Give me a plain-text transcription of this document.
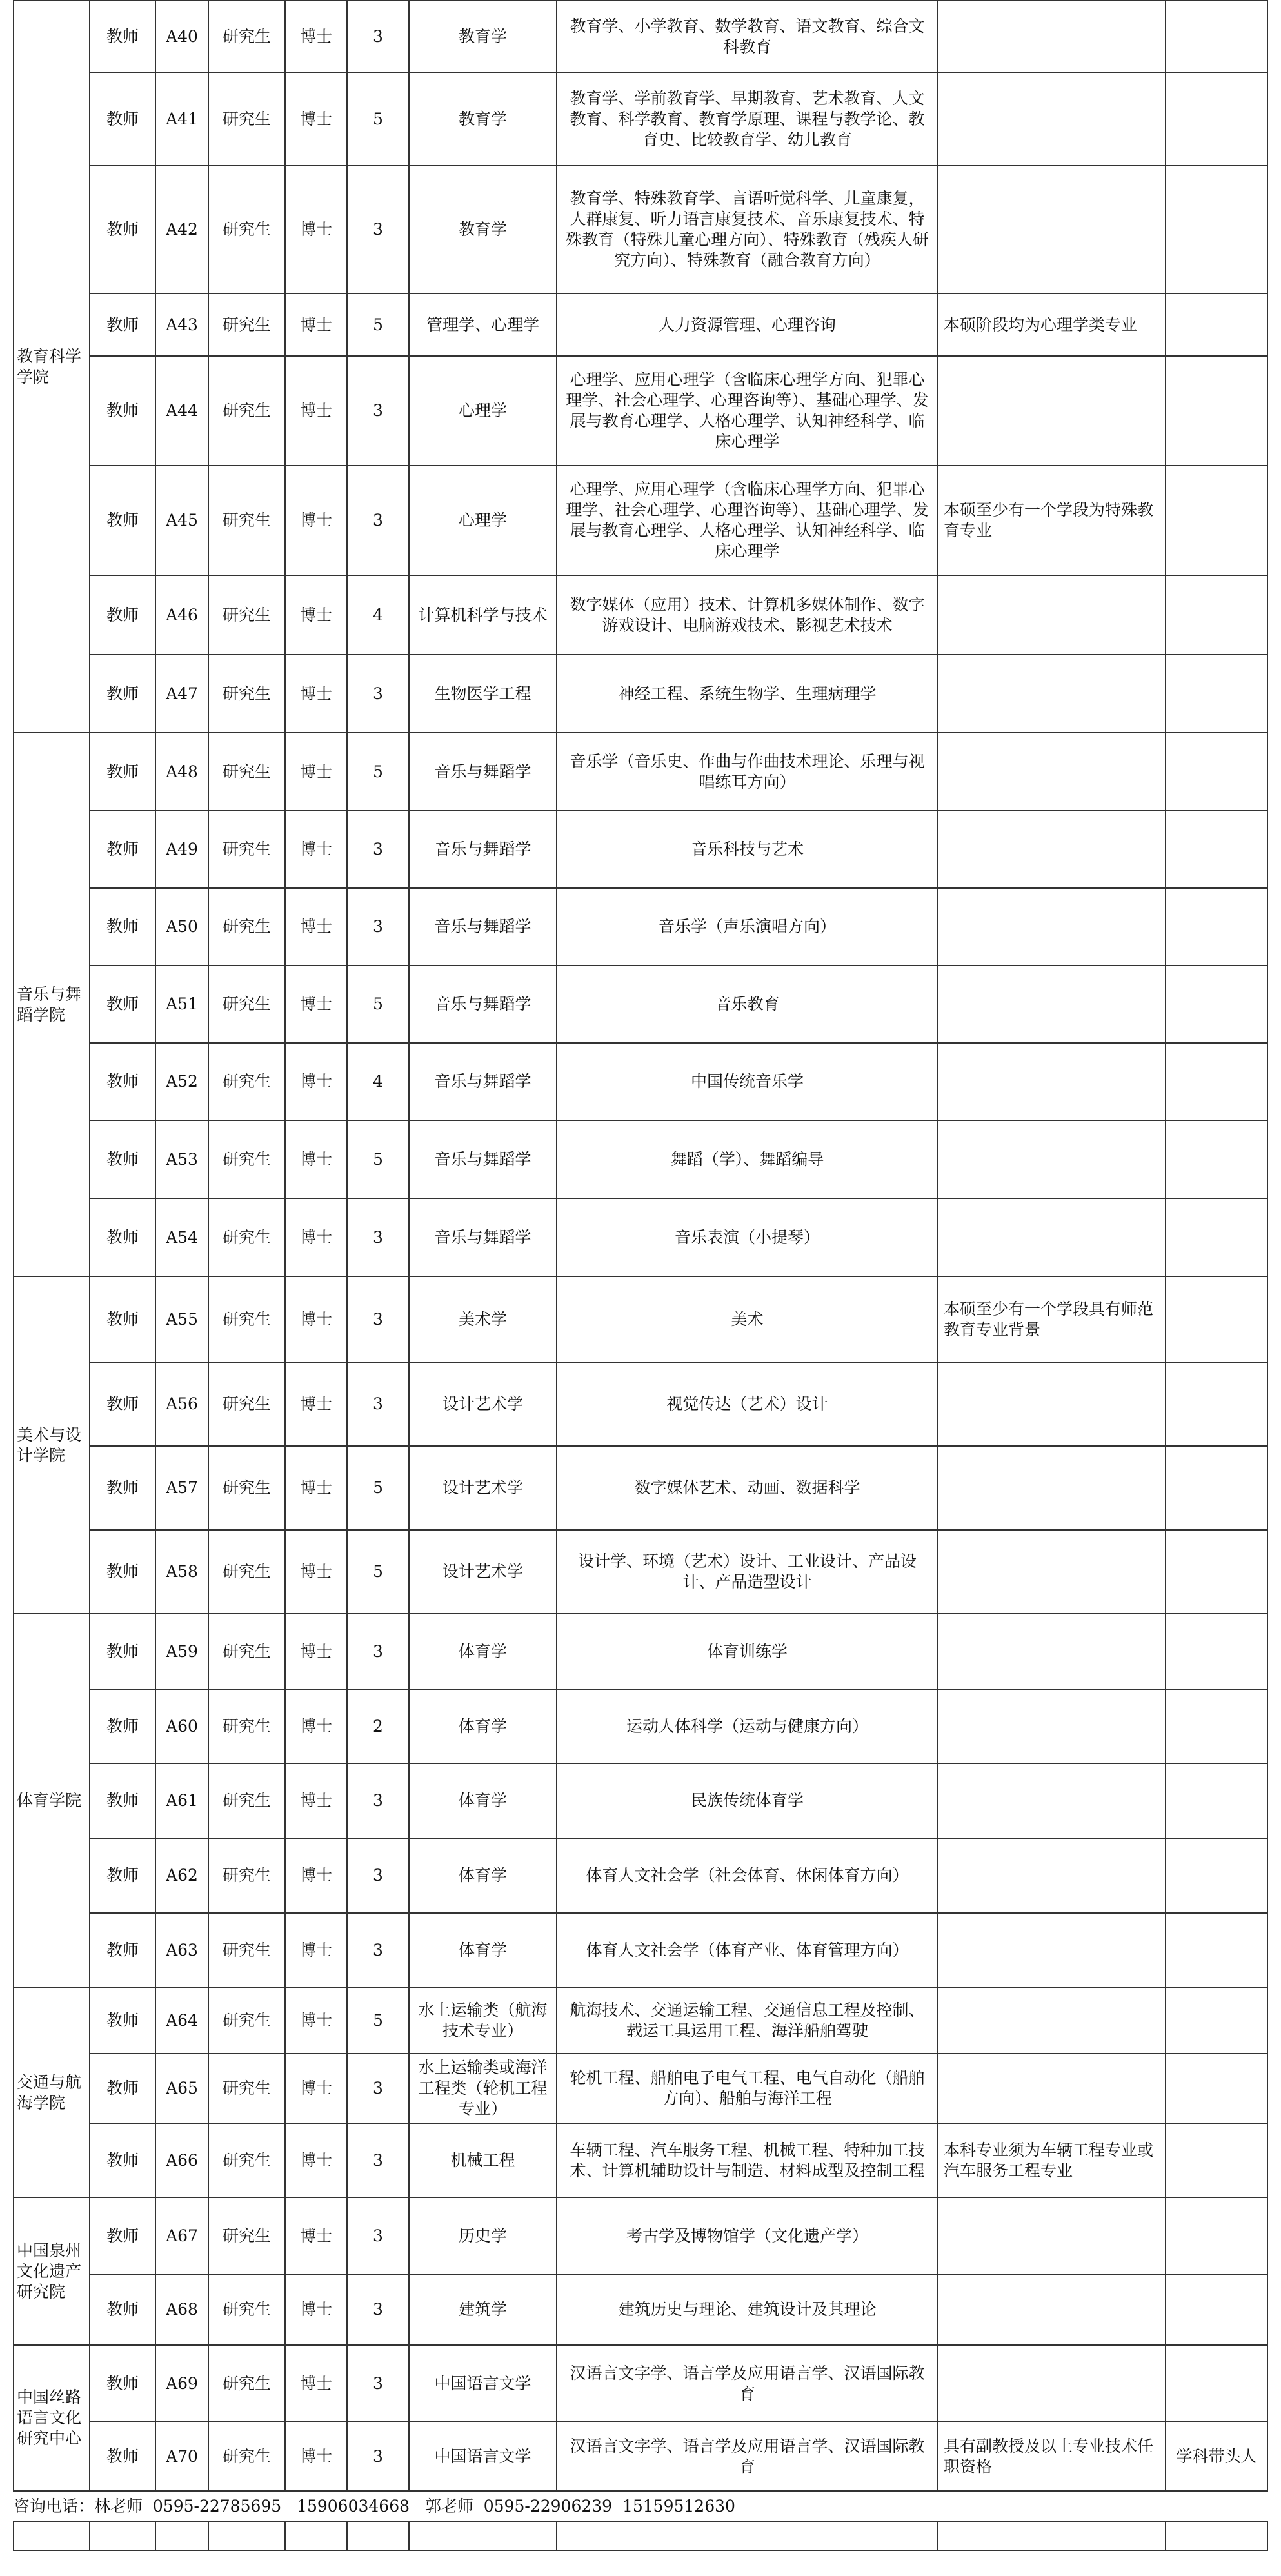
教育科学学院	教师	A40	研究生	博士	3	教育学	教育学、小学教育、数学教育、语文教育、综合文科教育		
	教师	A41	研究生	博士	5	教育学	教育学、学前教育学、早期教育、艺术教育、人文教育、科学教育、教育学原理、课程与教学论、教育史、比较教育学、幼儿教育		
	教师	A42	研究生	博士	3	教育学	教育学、特殊教育学、言语听觉科学、儿童康复，人群康复、听力语言康复技术、音乐康复技术、特殊教育（特殊儿童心理方向）、特殊教育（残疾人研究方向）、特殊教育（融合教育方向）		
	教师	A43	研究生	博士	5	管理学、心理学	人力资源管理、心理咨询	本硕阶段均为心理学类专业	
	教师	A44	研究生	博士	3	心理学	心理学、应用心理学（含临床心理学方向、犯罪心理学、社会心理学、心理咨询等）、基础心理学、发展与教育心理学、人格心理学、认知神经科学、临床心理学		
	教师	A45	研究生	博士	3	心理学	心理学、应用心理学（含临床心理学方向、犯罪心理学、社会心理学、心理咨询等）、基础心理学、发展与教育心理学、人格心理学、认知神经科学、临床心理学	本硕至少有一个学段为特殊教育专业	
	教师	A46	研究生	博士	4	计算机科学与技术	数字媒体（应用）技术、计算机多媒体制作、数字游戏设计、电脑游戏技术、影视艺术技术		
	教师	A47	研究生	博士	3	生物医学工程	神经工程、系统生物学、生理病理学		
音乐与舞蹈学院	教师	A48	研究生	博士	5	音乐与舞蹈学	音乐学（音乐史、作曲与作曲技术理论、乐理与视唱练耳方向）		
	教师	A49	研究生	博士	3	音乐与舞蹈学	音乐科技与艺术		
	教师	A50	研究生	博士	3	音乐与舞蹈学	音乐学（声乐演唱方向）		
	教师	A51	研究生	博士	5	音乐与舞蹈学	音乐教育		
	教师	A52	研究生	博士	4	音乐与舞蹈学	中国传统音乐学		
	教师	A53	研究生	博士	5	音乐与舞蹈学	舞蹈（学）、舞蹈编导		
	教师	A54	研究生	博士	3	音乐与舞蹈学	音乐表演（小提琴）		
美术与设计学院	教师	A55	研究生	博士	3	美术学	美术	本硕至少有一个学段具有师范教育专业背景	
	教师	A56	研究生	博士	3	设计艺术学	视觉传达（艺术）设计		
	教师	A57	研究生	博士	5	设计艺术学	数字媒体艺术、动画、数据科学		
	教师	A58	研究生	博士	5	设计艺术学	设计学、环境（艺术）设计、工业设计、产品设计、产品造型设计		
体育学院	教师	A59	研究生	博士	3	体育学	体育训练学		
	教师	A60	研究生	博士	2	体育学	运动人体科学（运动与健康方向）		
	教师	A61	研究生	博士	3	体育学	民族传统体育学		
	教师	A62	研究生	博士	3	体育学	体育人文社会学（社会体育、休闲体育方向）		
	教师	A63	研究生	博士	3	体育学	体育人文社会学（体育产业、体育管理方向）		
交通与航海学院	教师	A64	研究生	博士	5	水上运输类（航海技术专业）	航海技术、交通运输工程、交通信息工程及控制、载运工具运用工程、海洋船舶驾驶		
	教师	A65	研究生	博士	3	水上运输类或海洋工程类（轮机工程专业）	轮机工程、船舶电子电气工程、电气自动化（船舶方向）、船舶与海洋工程		
	教师	A66	研究生	博士	3	机械工程	车辆工程、汽车服务工程、机械工程、特种加工技术、计算机辅助设计与制造、材料成型及控制工程	本科专业须为车辆工程专业或汽车服务工程专业	
中国泉州文化遗产研究院	教师	A67	研究生	博士	3	历史学	考古学及博物馆学（文化遗产学）		
	教师	A68	研究生	博士	3	建筑学	建筑历史与理论、建筑设计及其理论		
中国丝路语言文化研究中心	教师	A69	研究生	博士	3	中国语言文学	汉语言文字学、语言学及应用语言学、汉语国际教育		
	教师	A70	研究生	博士	3	中国语言文学	汉语言文字学、语言学及应用语言学、汉语国际教育	具有副教授及以上专业技术任职资格	学科带头人
咨询电话：林老师  0595-22785695   15906034668   郭老师  0595-22906239  15159512630									
